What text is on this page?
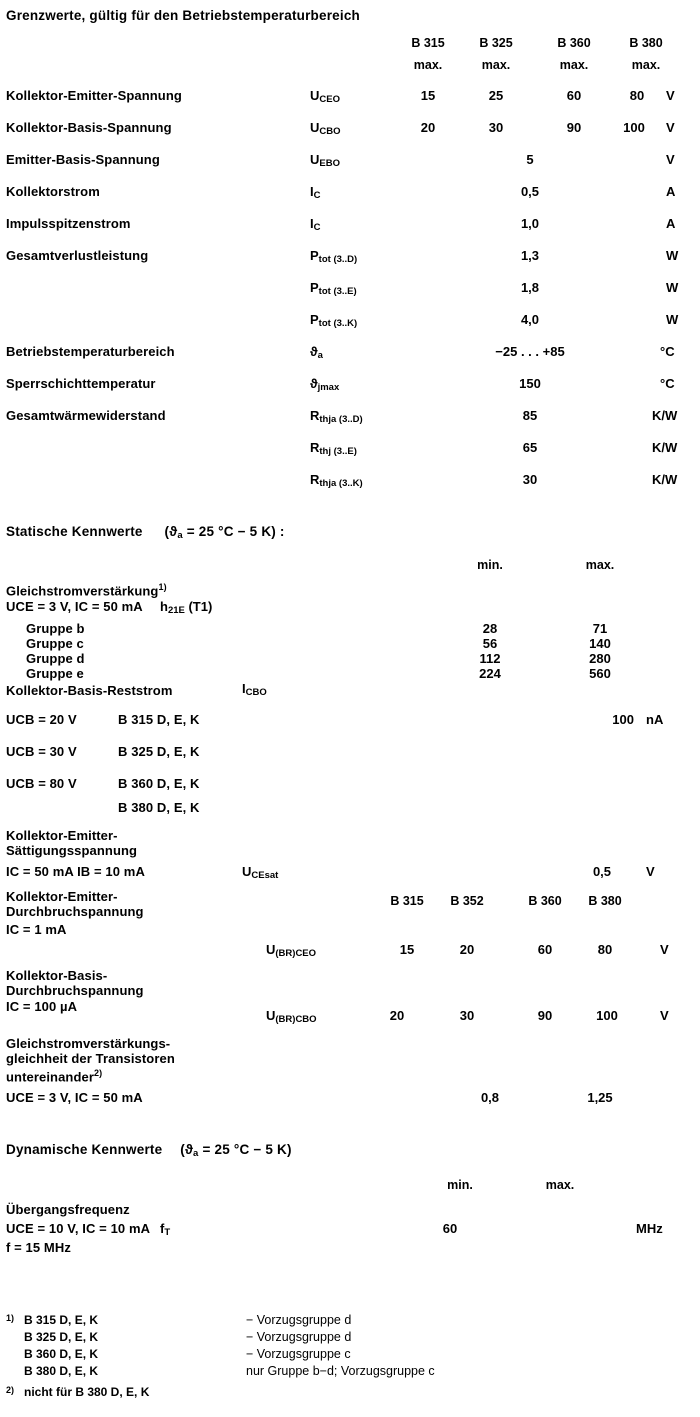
Grenzwerte, gültig für den Betriebstemperaturbereich
B 315	B 325	B 360	B 380
max.	max.	max.	max.
Kollektor-Emitter-Spannung	$U_{CEO}$	15	25	60	80	V
Kollektor-Basis-Spannung	$U_{CBO}$	20	30	90	100	V
Emitter-Basis-Spannung	$U_{EBO}$	5	V
Kollektorstrom	$I_C$	0,5	A
Impulsspitzenstrom	$I_C$	1,0	A
Gesamtverlustleistung	$P_{tot (3..D)}$	1,3	W
$P_{tot (3..E)}$	1,8	W
$P_{tot (3..K)}$	4,0	W
Betriebstemperaturbereich	$ϑ_a$	−25 . . . +85	°C
Sperrschichttemperatur	$ϑ_{jmax}$	150	°C
Gesamtwärmewiderstand	$R_{thja (3..D)}$	85	K/W
$R_{thj (3..E)}$	65	K/W
$R_{thja (3..K)}$	30	K/W
Statische Kennwerte ($ϑ_a = 25$ °C − 5 K) :
min.	max.
Gleichstromverstärkung$^{1)}$
UCE = 3 V, IC = 50 mA $h_{21E}$ (T1)
Gruppe b	28	71
Gruppe c	56	140
Gruppe d	112	280
Gruppe e	224	560
Kollektor-Basis-Reststrom	$I_{CBO}$
UCB = 20 V	B 315 D, E, K	100 nA
UCB = 30 V	B 325 D, E, K
UCB = 80 V	B 360 D, E, K
B 380 D, E, K
Kollektor-Emitter-
Sättigungsspannung
IC = 50 mA IB = 10 mA	$U_{CEsat}$	0,5	V
Kollektor-Emitter-
Durchbruchspannung
IC = 1 mA
B 315	B 352	B 360	B 380
$U_{(BR)CEO}$	15	20	60	80	V
Kollektor-Basis-
Durchbruchspannung
IC = 100 µA
$U_{(BR)CBO}$	20	30	90	100	V
Gleichstromverstärkungs-
gleichheit der Transistoren
untereinander$^{2)}$
UCE = 3 V, IC = 50 mA	0,8	1,25
Dynamische Kennwerte ($ϑ_a = 25$ °C − 5 K)
min.	max.
Übergangsfrequenz
UCE = 10 V, IC = 10 mA $f_T$	60	MHz
f = 15 MHz
$^{1)}$ B 315 D, E, K	− Vorzugsgruppe d
B 325 D, E, K	− Vorzugsgruppe d
B 360 D, E, K	− Vorzugsgruppe c
B 380 D, E, K	nur Gruppe b−d; Vorzugsgruppe c
$^{2)}$ nicht für B 380 D, E, K
